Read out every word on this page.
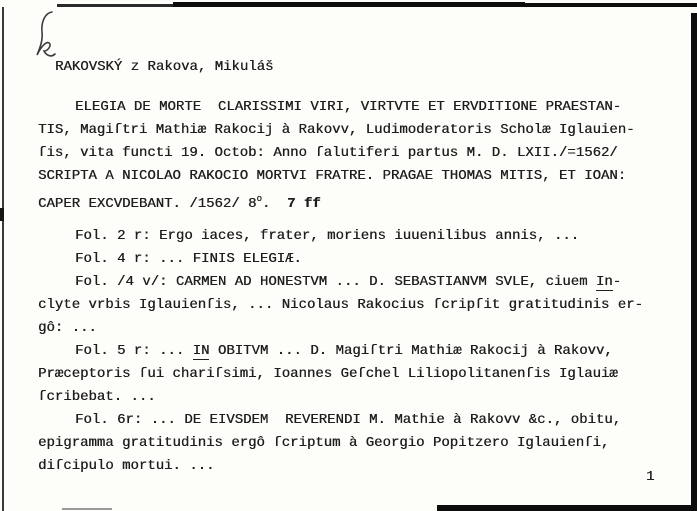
RAKOVSKÝ z Rakova, Mikuláš
ELEGIA DE MORTE  CLARISSIMI VIRI, VIRTVTE ET ERVDITIONE PRAESTAN-
TIS, Magiſtri Mathiæ Rakocij à Rakovv, Ludimoderatoris Scholæ Iglauien-
ſis, vita functi 19. Octob: Anno ſalutiferi partus M. D. LXII./=1562/
SCRIPTA A NICOLAO RAKOCIO MORTVI FRATRE. PRAGAE THOMAS MITIS, ET IOAN:
CAPER EXCVDEBANT. /1562/ 8$^o$.  7 ff
Fol. 2 r: Ergo iaces, frater, moriens iuuenilibus annis, ...
Fol. 4 r: ... FINIS ELEGIÆ.
Fol. /4 v/: CARMEN AD HONESTVM ... D. SEBASTIANVM SVLE, ciuem In-
clyte vrbis Iglauienſis, ... Nicolaus Rakocius ſcripſit gratitudinis er-
gô: ...
Fol. 5 r: ... IN OBITVM ... D. Magiſtri Mathiæ Rakocij à Rakovv,
Præceptoris ſui chariſsimi, Ioannes Geſchel Liliopolitanenſis Iglauiæ
ſcribebat. ...
Fol. 6r: ... DE EIVSDEM  REVERENDI M. Mathie à Rakovv &c., obitu,
epigramma gratitudinis ergô ſcriptum à Georgio Popitzero Iglauienſi,
diſcipulo mortui. ...
1
